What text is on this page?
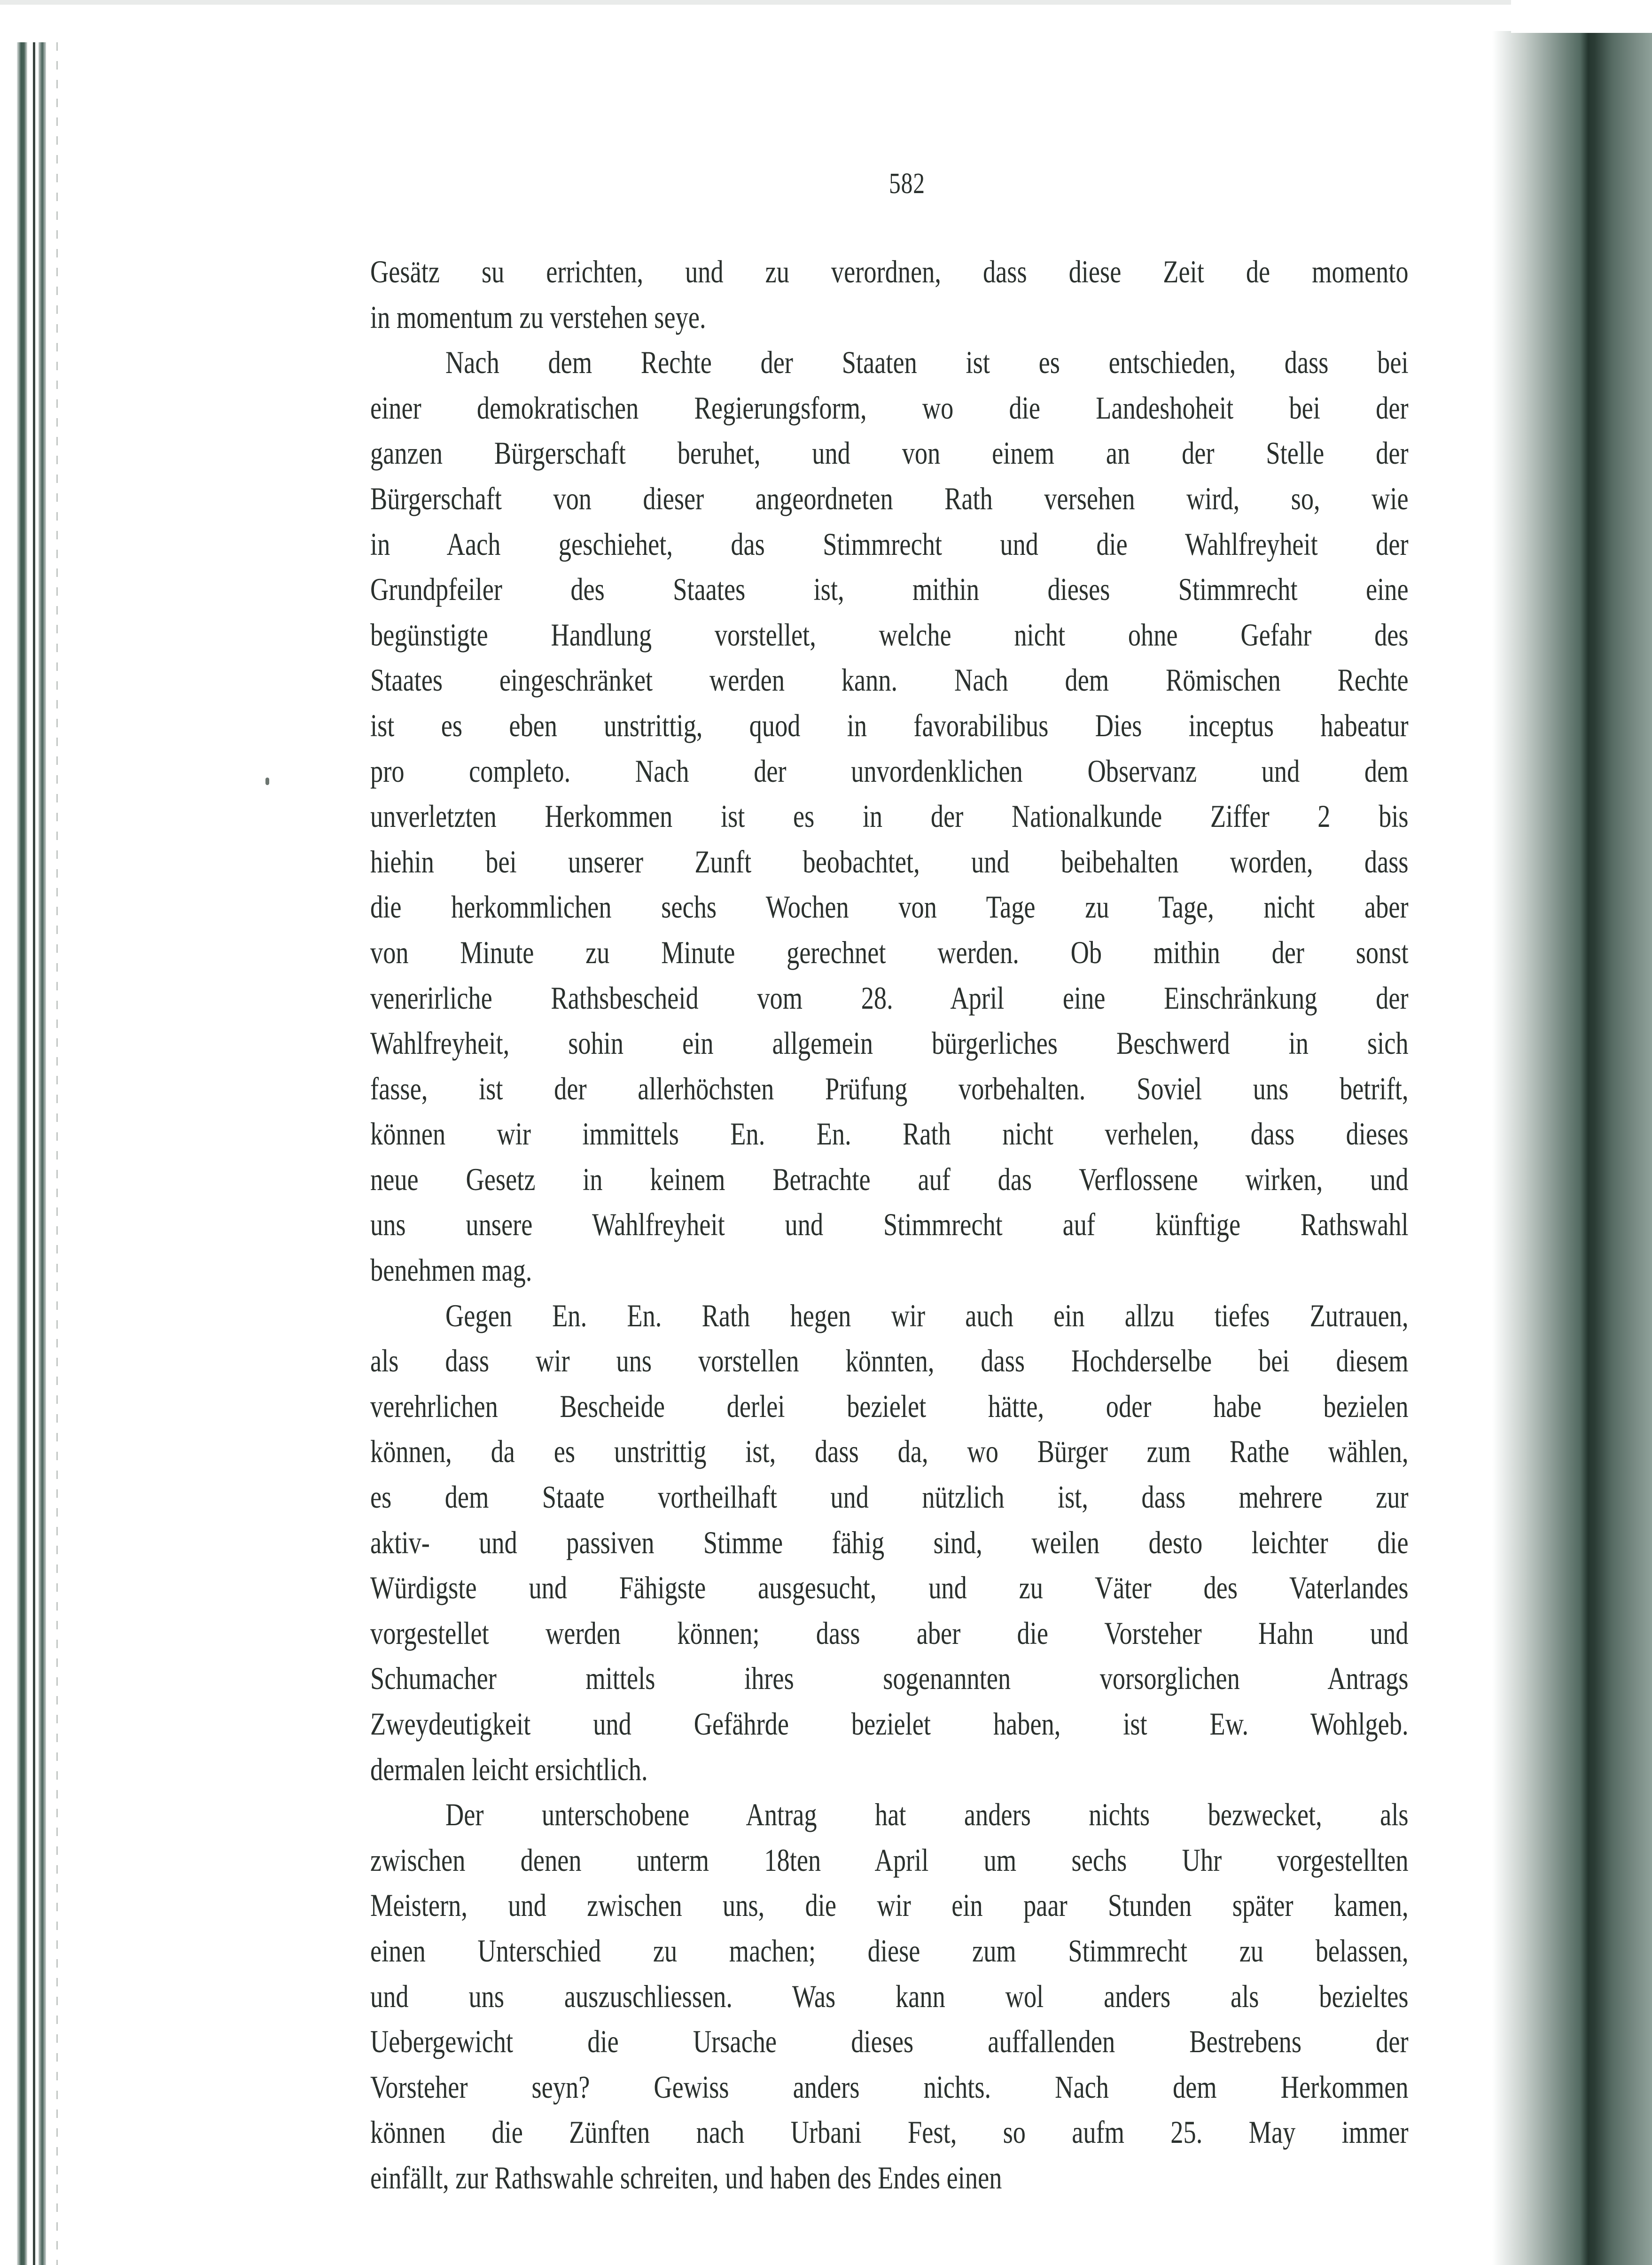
582
Gesätz su errichten, und zu verordnen, dass diese Zeit de momento
in momentum zu verstehen seye.
Nach dem Rechte der Staaten ist es entschieden, dass bei
einer demokratischen Regierungsform, wo die Landeshoheit bei der
ganzen Bürgerschaft beruhet, und von einem an der Stelle der
Bürgerschaft von dieser angeordneten Rath versehen wird, so, wie
in Aach geschiehet, das Stimmrecht und die Wahlfreyheit der
Grundpfeiler des Staates ist, mithin dieses Stimmrecht eine
begünstigte Handlung vorstellet, welche nicht ohne Gefahr des
Staates eingeschränket werden kann. Nach dem Römischen Rechte
ist es eben unstrittig, quod in favorabilibus Dies inceptus habeatur
pro completo. Nach der unvordenklichen Observanz und dem
unverletzten Herkommen ist es in der Nationalkunde Ziffer 2 bis
hiehin bei unserer Zunft beobachtet, und beibehalten worden, dass
die herkommlichen sechs Wochen von Tage zu Tage, nicht aber
von Minute zu Minute gerechnet werden. Ob mithin der sonst
venerirliche Rathsbescheid vom 28. April eine Einschränkung der
Wahlfreyheit, sohin ein allgemein bürgerliches Beschwerd in sich
fasse, ist der allerhöchsten Prüfung vorbehalten. Soviel uns betrift,
können wir immittels En. En. Rath nicht verhelen, dass dieses
neue Gesetz in keinem Betrachte auf das Verflossene wirken, und
uns unsere Wahlfreyheit und Stimmrecht auf künftige Rathswahl
benehmen mag.
Gegen En. En. Rath hegen wir auch ein allzu tiefes Zutrauen,
als dass wir uns vorstellen könnten, dass Hochderselbe bei diesem
verehrlichen Bescheide derlei bezielet hätte, oder habe bezielen
können, da es unstrittig ist, dass da, wo Bürger zum Rathe wählen,
es dem Staate vortheilhaft und nützlich ist, dass mehrere zur
aktiv- und passiven Stimme fähig sind, weilen desto leichter die
Würdigste und Fähigste ausgesucht, und zu Väter des Vaterlandes
vorgestellet werden können; dass aber die Vorsteher Hahn und
Schumacher mittels ihres sogenannten vorsorglichen Antrags
Zweydeutigkeit und Gefährde bezielet haben, ist Ew. Wohlgeb.
dermalen leicht ersichtlich.
Der unterschobene Antrag hat anders nichts bezwecket, als
zwischen denen unterm 18ten April um sechs Uhr vorgestellten
Meistern, und zwischen uns, die wir ein paar Stunden später kamen,
einen Unterschied zu machen; diese zum Stimmrecht zu belassen,
und uns auszuschliessen. Was kann wol anders als bezieltes
Uebergewicht die Ursache dieses auffallenden Bestrebens der
Vorsteher seyn? Gewiss anders nichts. Nach dem Herkommen
können die Zünften nach Urbani Fest, so aufm 25. May immer
einfällt, zur Rathswahle schreiten, und haben des Endes einen
